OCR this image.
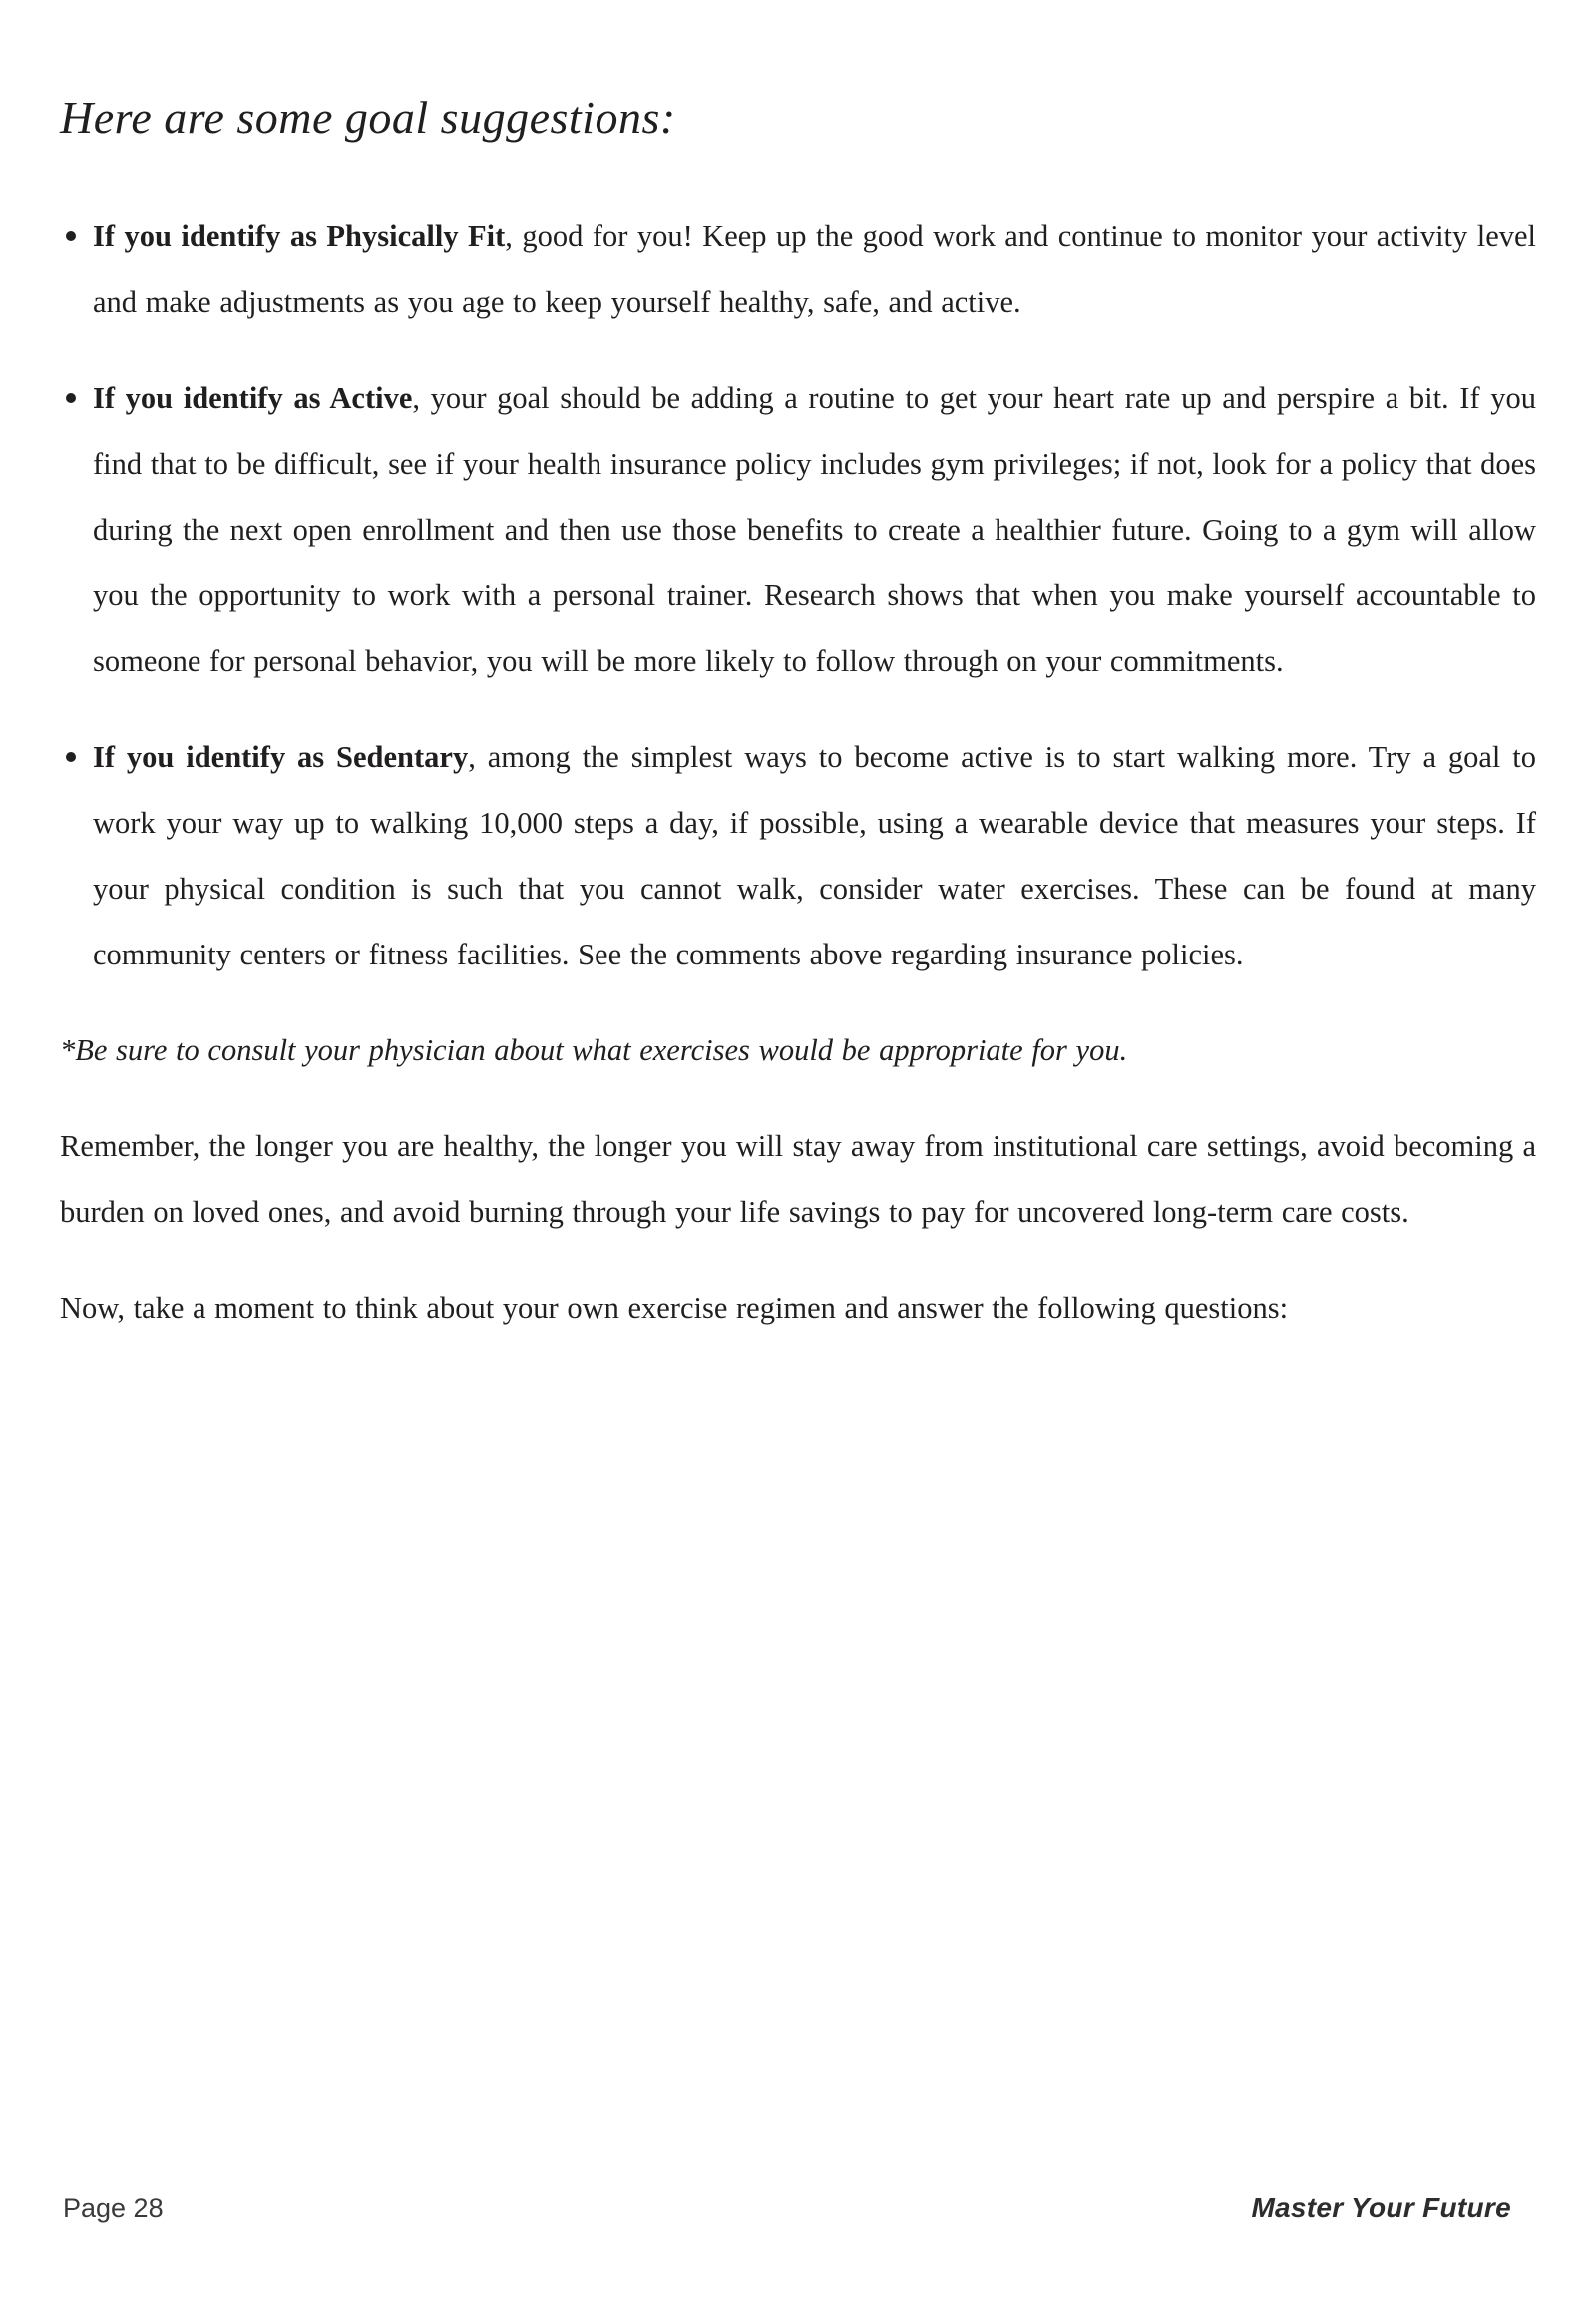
Here are some goal suggestions:
If you identify as Physically Fit, good for you! Keep up the good work and continue to monitor your activity level and make adjustments as you age to keep yourself healthy, safe, and active.
If you identify as Active, your goal should be adding a routine to get your heart rate up and perspire a bit. If you find that to be difficult, see if your health insurance policy includes gym privileges; if not, look for a policy that does during the next open enrollment and then use those benefits to create a healthier future. Going to a gym will allow you the opportunity to work with a personal trainer. Research shows that when you make yourself accountable to someone for personal behavior, you will be more likely to follow through on your commitments.
If you identify as Sedentary, among the simplest ways to become active is to start walking more. Try a goal to work your way up to walking 10,000 steps a day, if possible, using a wearable device that measures your steps. If your physical condition is such that you cannot walk, consider water exercises. These can be found at many community centers or fitness facilities. See the comments above regarding insurance policies.

*Be sure to consult your physician about what exercises would be appropriate for you.

Remember, the longer you are healthy, the longer you will stay away from institutional care settings, avoid becoming a burden on loved ones, and avoid burning through your life savings to pay for uncovered long-term care costs.

Now, take a moment to think about your own exercise regimen and answer the following questions:

Page 28	Master Your Future
